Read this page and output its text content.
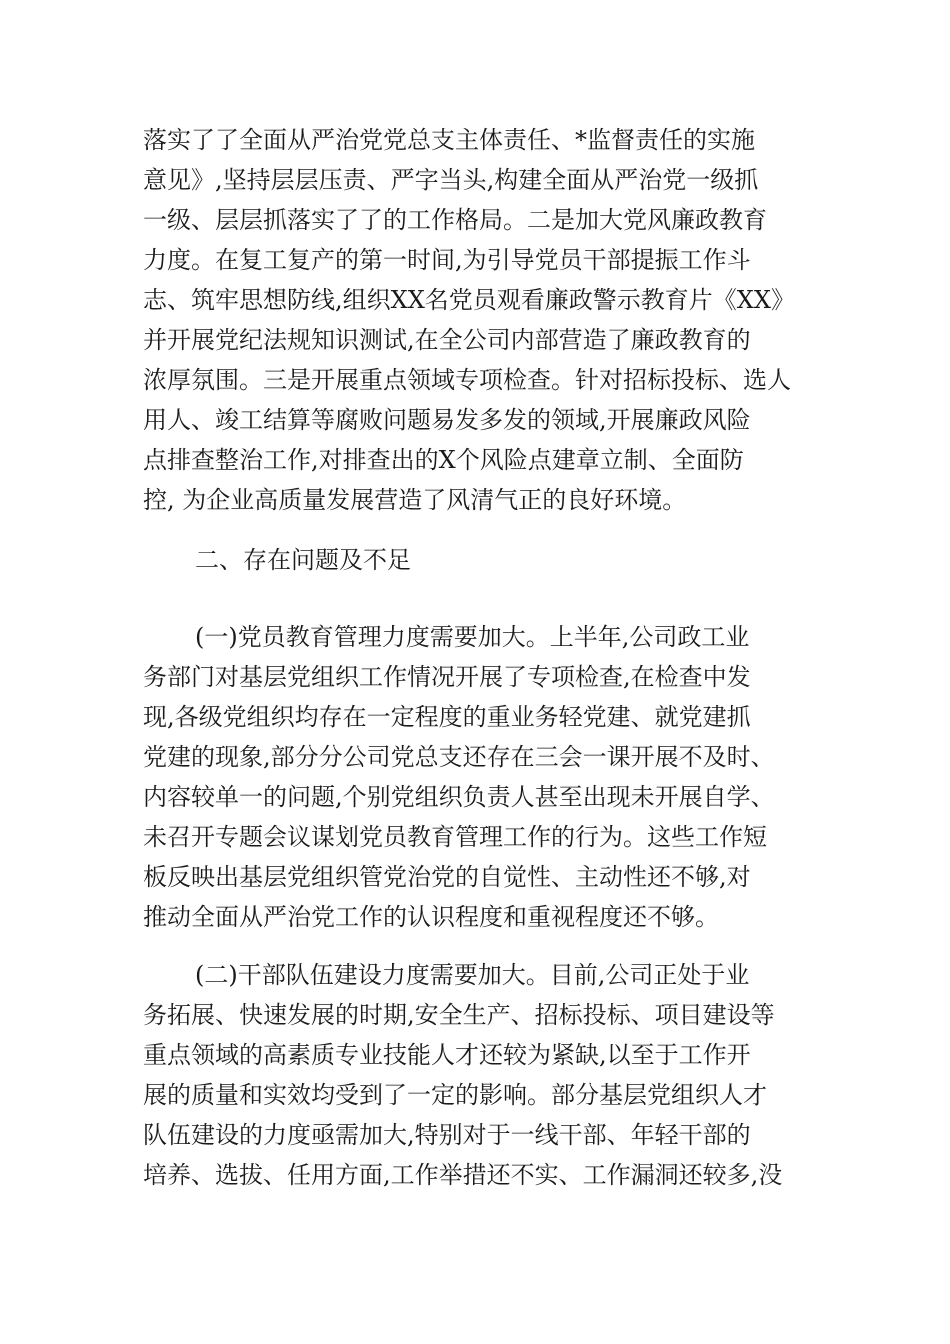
落实了了全面从严治党党总支主体责任、*监督责任的实施
意见》,坚持层层压责、严字当头,构建全面从严治党一级抓
一级、层层抓落实了了的工作格局。二是加大党风廉政教育
力度。在复工复产的第一时间,为引导党员干部提振工作斗
志、筑牢思想防线,组织XX名党员观看廉政警示教育片《XX》
并开展党纪法规知识测试,在全公司内部营造了廉政教育的
浓厚氛围。三是开展重点领域专项检查。针对招标投标、选人
用人、竣工结算等腐败问题易发多发的领域,开展廉政风险
点排查整治工作,对排查出的X个风险点建章立制、全面防
控, 为企业高质量发展营造了风清气正的良好环境。
二、存在问题及不足
(一)党员教育管理力度需要加大。上半年,公司政工业
务部门对基层党组织工作情况开展了专项检查,在检查中发
现,各级党组织均存在一定程度的重业务轻党建、就党建抓
党建的现象,部分分公司党总支还存在三会一课开展不及时、
内容较单一的问题,个别党组织负责人甚至出现未开展自学、
未召开专题会议谋划党员教育管理工作的行为。这些工作短
板反映出基层党组织管党治党的自觉性、主动性还不够,对
推动全面从严治党工作的认识程度和重视程度还不够。
(二)干部队伍建设力度需要加大。目前,公司正处于业
务拓展、快速发展的时期,安全生产、招标投标、项目建设等
重点领域的高素质专业技能人才还较为紧缺,以至于工作开
展的质量和实效均受到了一定的影响。部分基层党组织人才
队伍建设的力度亟需加大,特别对于一线干部、年轻干部的
培养、选拔、任用方面,工作举措还不实、工作漏洞还较多,没
